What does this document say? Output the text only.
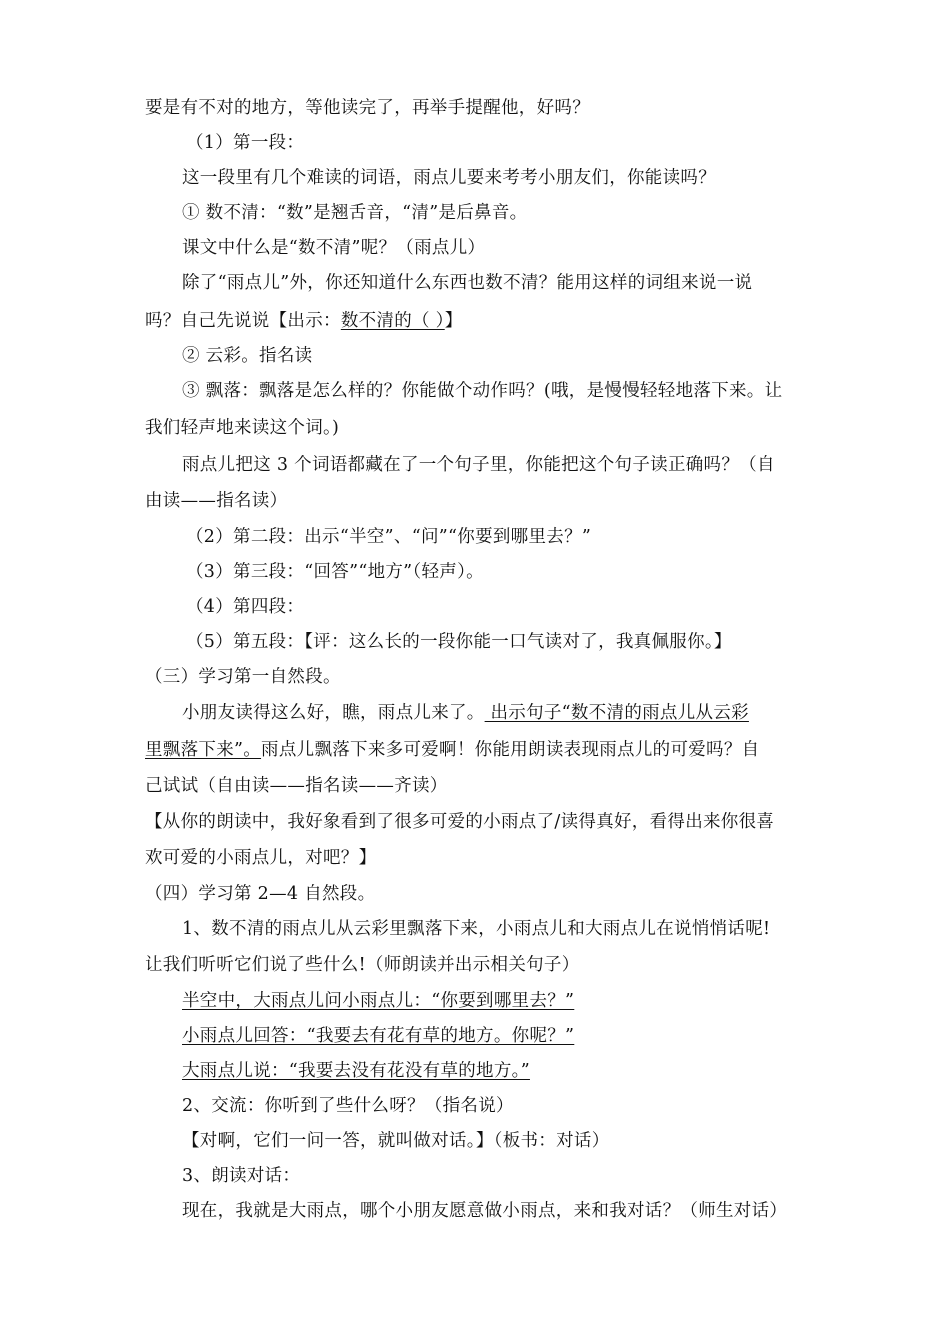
要是有不对的地方，等他读完了，再举手提醒他，好吗？
（1）第一段：
这一段里有几个难读的词语，雨点儿要来考考小朋友们，你能读吗？
① 数不清：“数”是翘舌音，“清”是后鼻音。
课文中什么是“数不清”呢？（雨点儿）
除了“雨点儿”外，你还知道什么东西也数不清？能用这样的词组来说一说
吗？自己先说说【出示：数不清的（ ）】
② 云彩。指名读
③ 飘落：飘落是怎么样的？你能做个动作吗？(哦，是慢慢轻轻地落下来。让
我们轻声地来读这个词。)
雨点儿把这 3 个词语都藏在了一个句子里，你能把这个句子读正确吗？（自
由读——指名读）
（2）第二段：出示“半空”、“问”“你要到哪里去？”
（3）第三段：“回答”“地方”（轻声）。
（4）第四段：
（5）第五段：【评：这么长的一段你能一口气读对了，我真佩服你。】
（三）学习第一自然段。
小朋友读得这么好，瞧，雨点儿来了。 出示句子“数不清的雨点儿从云彩
里飘落下来”。雨点儿飘落下来多可爱啊！你能用朗读表现雨点儿的可爱吗？自
己试试（自由读——指名读——齐读）
【从你的朗读中，我好象看到了很多可爱的小雨点了/读得真好，看得出来你很喜
欢可爱的小雨点儿，对吧？】
（四）学习第 2—4 自然段。
1、数不清的雨点儿从云彩里飘落下来，小雨点儿和大雨点儿在说悄悄话呢!
让我们听听它们说了些什么!（师朗读并出示相关句子）
半空中，大雨点儿问小雨点儿：“你要到哪里去？”
小雨点儿回答：“我要去有花有草的地方。你呢？”
大雨点儿说：“我要去没有花没有草的地方。”
2、交流：你听到了些什么呀？（指名说）
【对啊，它们一问一答，就叫做对话。】（板书：对话）
3、朗读对话：
现在，我就是大雨点，哪个小朋友愿意做小雨点，来和我对话？（师生对话）
